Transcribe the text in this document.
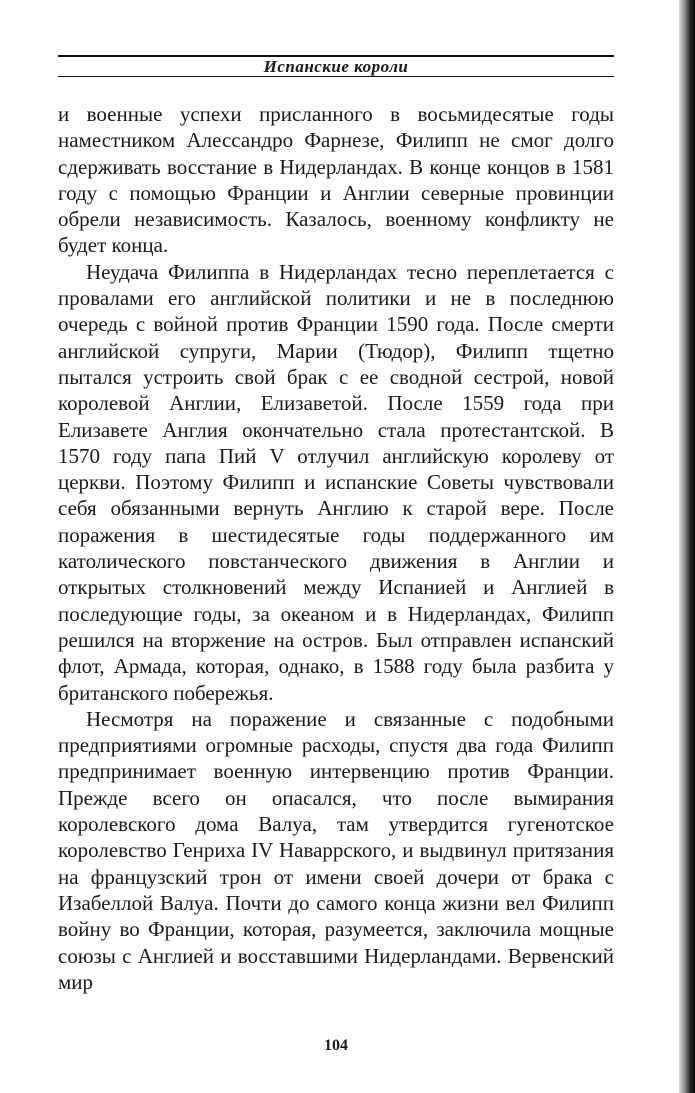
Испанские короли

и военные успехи присланного в восьмидесятые годы наместником Алессандро Фарнезе, Филипп не смог долго сдерживать восстание в Нидерландах. В конце концов в 1581 году с помощью Франции и Англии северные провинции обрели независимость. Казалось, военному конфликту не будет конца.

Неудача Филиппа в Нидерландах тесно переплетается с провалами его английской политики и не в последнюю очередь с войной против Франции 1590 года. После смерти английской супруги, Марии (Тюдор), Филипп тщетно пытался устроить свой брак с ее сводной сестрой, новой королевой Англии, Елизаветой. После 1559 года при Елизавете Англия окончательно стала протестантской. В 1570 году папа Пий V отлучил английскую королеву от церкви. Поэтому Филипп и испанские Советы чувствовали себя обязанными вернуть Англию к старой вере. После поражения в шестидесятые годы поддержанного им католического повстанческого движения в Англии и открытых столкновений между Испанией и Англией в последующие годы, за океаном и в Нидерландах, Филипп решился на вторжение на остров. Был отправлен испанский флот, Армада, которая, однако, в 1588 году была разбита у британского побережья.

Несмотря на поражение и связанные с подобными предприятиями огромные расходы, спустя два года Филипп предпринимает военную интервенцию против Франции. Прежде всего он опасался, что после вымирания королевского дома Валуа, там утвердится гугенотское королевство Генриха IV Наваррского, и выдвинул притязания на французский трон от имени своей дочери от брака с Изабеллой Валуа. Почти до самого конца жизни вел Филипп войну во Франции, которая, разумеется, заключила мощные союзы с Англией и восставшими Нидерландами. Вервенский мир

104
